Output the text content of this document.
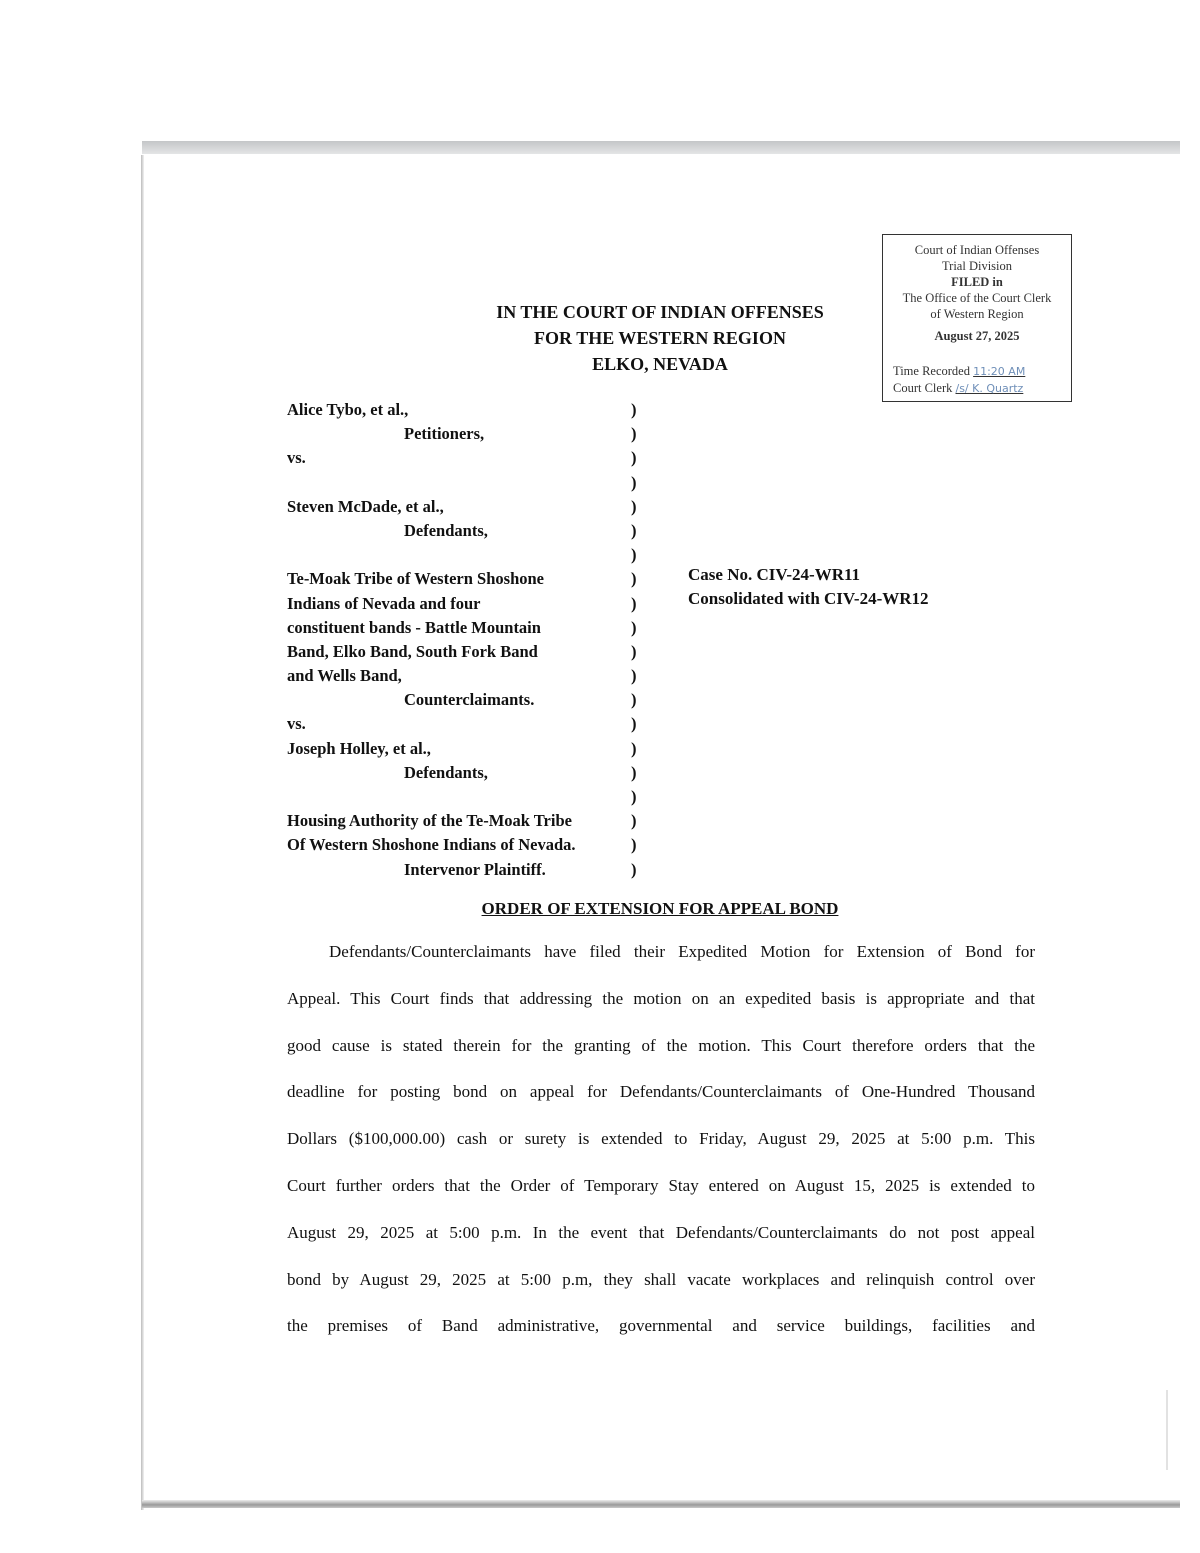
Court of Indian Offenses
Trial Division
FILED in
The Office of the Court Clerk
of Western Region
August 27, 2025
Time Recorded 11:20 AM
Court Clerk /s/ K. Quartz
IN THE COURT OF INDIAN OFFENSES
FOR THE WESTERN REGION
ELKO, NEVADA
Alice Tybo, et al.,	)
Petitioners,	)
vs.	)
)
Steven McDade, et al.,	)
Defendants,	)
)
Te-Moak Tribe of Western Shoshone	)
Indians of Nevada and four	)
constituent bands - Battle Mountain	)
Band, Elko Band, South Fork Band	)
and Wells Band,	)
Counterclaimants.	)
vs.	)
Joseph Holley, et al.,	)
Defendants,	)
)
Housing Authority of the Te-Moak Tribe	)
Of Western Shoshone Indians of Nevada.	)
Intervenor Plaintiff.	)
Case No. CIV-24-WR11
Consolidated with CIV-24-WR12
ORDER OF EXTENSION FOR APPEAL BOND
Defendants/Counterclaimants have filed their Expedited Motion for Extension of Bond for
Appeal. This Court finds that addressing the motion on an expedited basis is appropriate and that
good cause is stated therein for the granting of the motion. This Court therefore orders that the
deadline for posting bond on appeal for Defendants/Counterclaimants of One-Hundred Thousand
Dollars ($100,000.00) cash or surety is extended to Friday, August 29, 2025 at 5:00 p.m. This
Court further orders that the Order of Temporary Stay entered on August 15, 2025 is extended to
August 29, 2025 at 5:00 p.m. In the event that Defendants/Counterclaimants do not post appeal
bond by August 29, 2025 at 5:00 p.m, they shall vacate workplaces and relinquish control over
the premises of Band administrative, governmental and service buildings, facilities and
